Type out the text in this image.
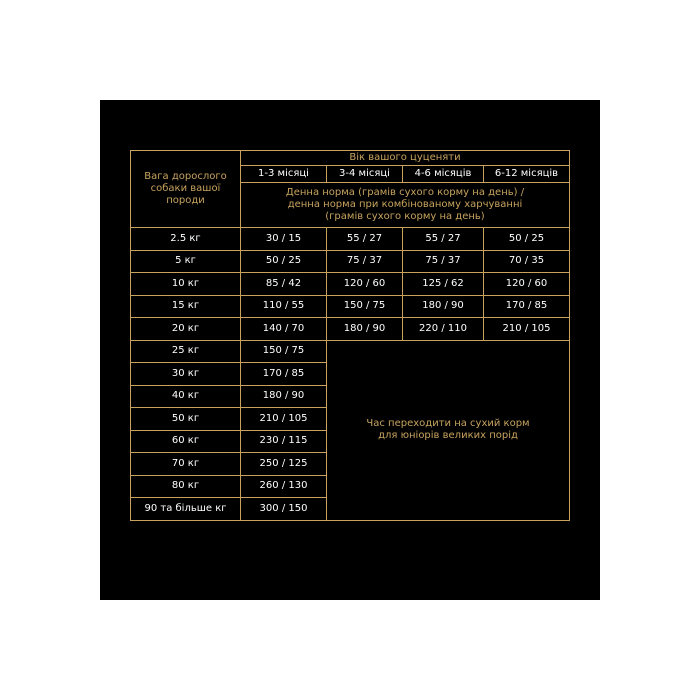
Вага дорослого собаки вашої породи	Вік вашого цуценяти			
	1-3 місяці	3-4 місяці	4-6 місяців	6-12 місяців
	Денна норма (грамів сухого корму на день) / денна норма при комбінованому харчуванні (грамів сухого корму на день)			
2.5 кг	30 / 15	55 / 27	55 / 27	50 / 25
5 кг	50 / 25	75 / 37	75 / 37	70 / 35
10 кг	85 / 42	120 / 60	125 / 62	120 / 60
15 кг	110 / 55	150 / 75	180 / 90	170 / 85
20 кг	140 / 70	180 / 90	220 / 110	210 / 105
25 кг	150 / 75	Час переходити на сухий корм для юніорів великих порід		
30 кг	170 / 85			
40 кг	180 / 90			
50 кг	210 / 105			
60 кг	230 / 115			
70 кг	250 / 125			
80 кг	260 / 130			
90 та більше кг	300 / 150			
